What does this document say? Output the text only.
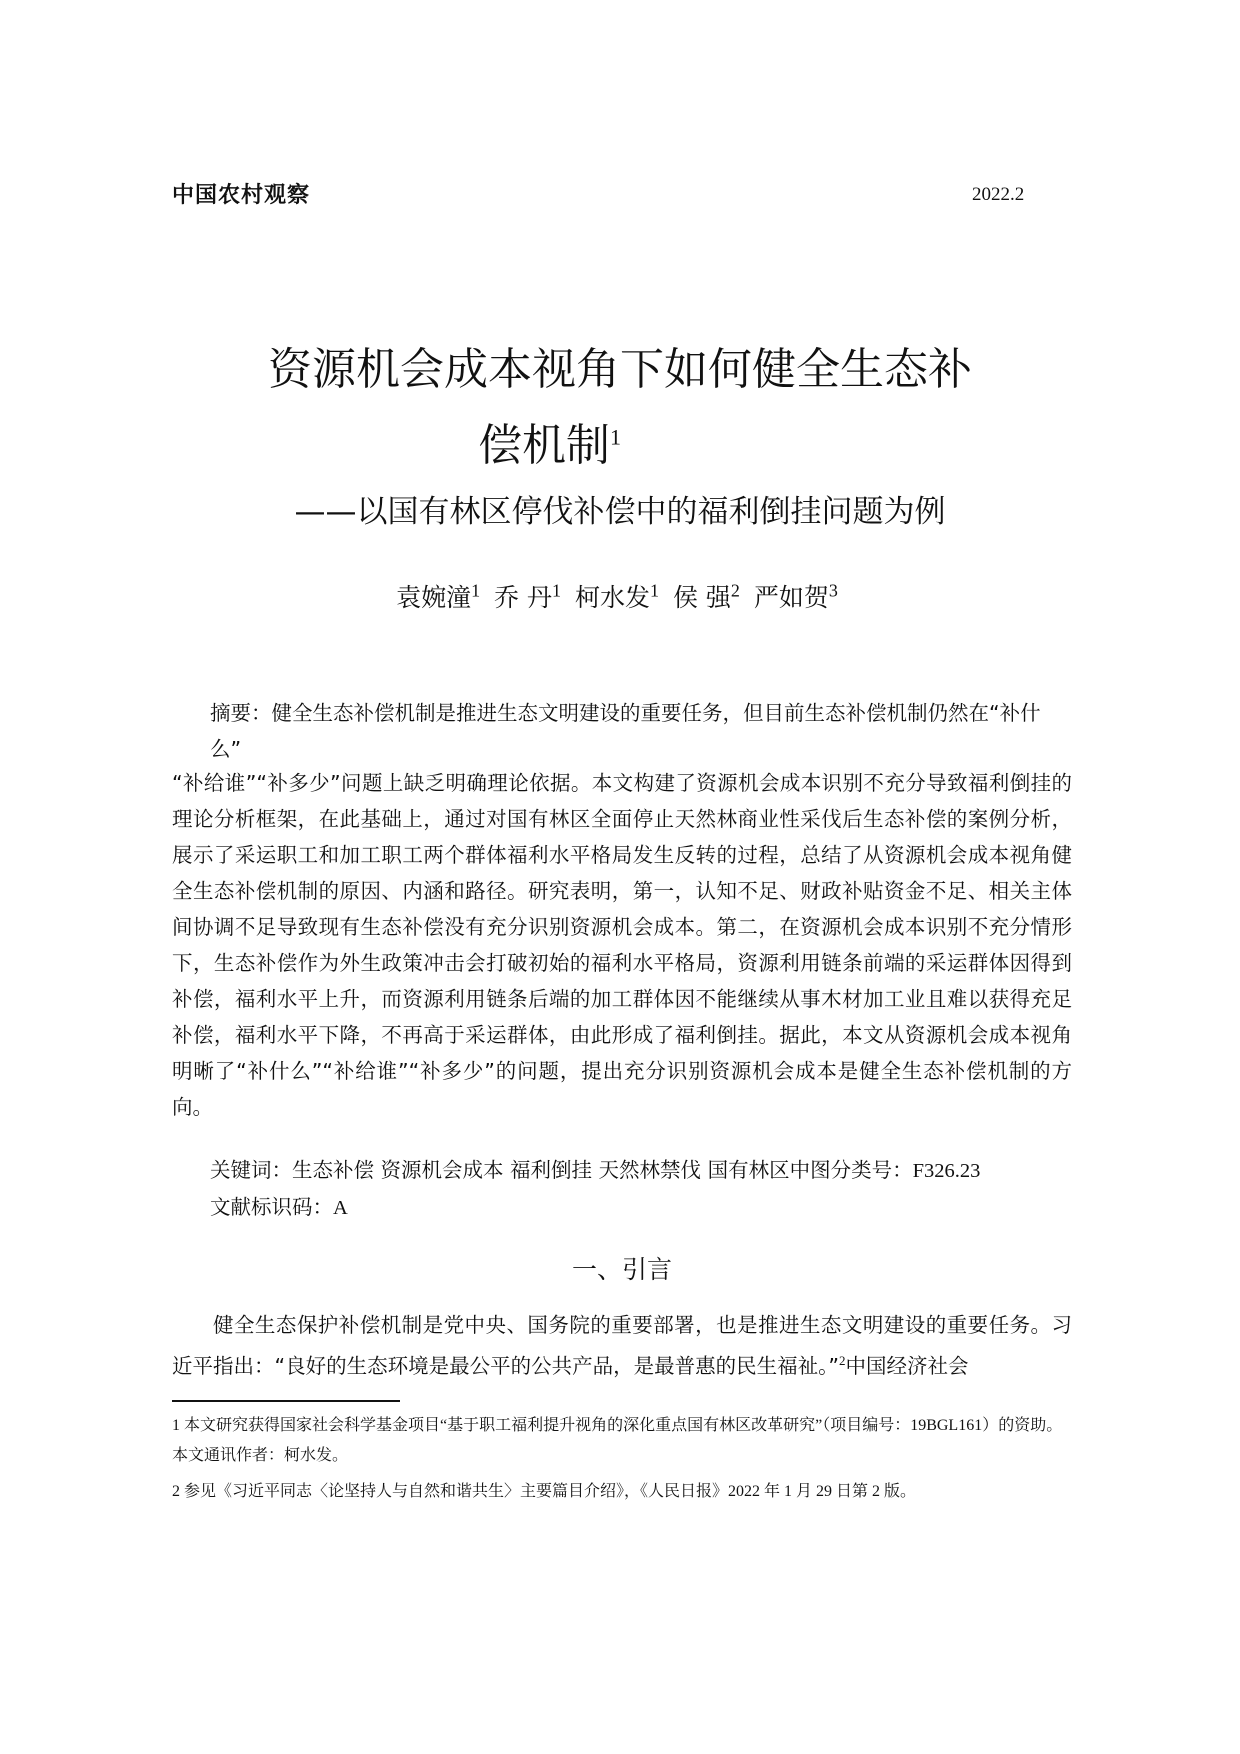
中国农村观察	2022.2
资源机会成本视角下如何健全生态补
偿机制$^1$
——以国有林区停伐补偿中的福利倒挂问题为例
袁婉潼$^1$ 乔 丹$^1$ 柯水发$^1$ 侯 强$^2$ 严如贺$^3$
摘要：健全生态补偿机制是推进生态文明建设的重要任务，但目前生态补偿机制仍然在“补什么”
“补给谁”“补多少”问题上缺乏明确理论依据。本文构建了资源机会成本识别不充分导致福利倒挂的理论分析框架，在此基础上，通过对国有林区全面停止天然林商业性采伐后生态补偿的案例分析，展示了采运职工和加工职工两个群体福利水平格局发生反转的过程，总结了从资源机会成本视角健全生态补偿机制的原因、内涵和路径。研究表明，第一，认知不足、财政补贴资金不足、相关主体间协调不足导致现有生态补偿没有充分识别资源机会成本。第二，在资源机会成本识别不充分情形下，生态补偿作为外生政策冲击会打破初始的福利水平格局，资源利用链条前端的采运群体因得到补偿，福利水平上升，而资源利用链条后端的加工群体因不能继续从事木材加工业且难以获得充足补偿，福利水平下降，不再高于采运群体，由此形成了福利倒挂。据此，本文从资源机会成本视角明晰了“补什么”“补给谁”“补多少”的问题，提出充分识别资源机会成本是健全生态补偿机制的方向。
关键词：生态补偿 资源机会成本 福利倒挂 天然林禁伐 国有林区中图分类号：F326.23
文献标识码：A
一、引言
健全生态保护补偿机制是党中央、国务院的重要部署，也是推进生态文明建设的重要任务。习近平指出：“良好的生态环境是最公平的公共产品，是最普惠的民生福祉。”$^2$中国经济社会
1 本文研究获得国家社会科学基金项目“基于职工福利提升视角的深化重点国有林区改革研究”（项目编号：19BGL161）的资助。本文通讯作者：柯水发。
2 参见《习近平同志〈论坚持人与自然和谐共生〉主要篇目介绍》，《人民日报》2022 年 1 月 29 日第 2 版。
